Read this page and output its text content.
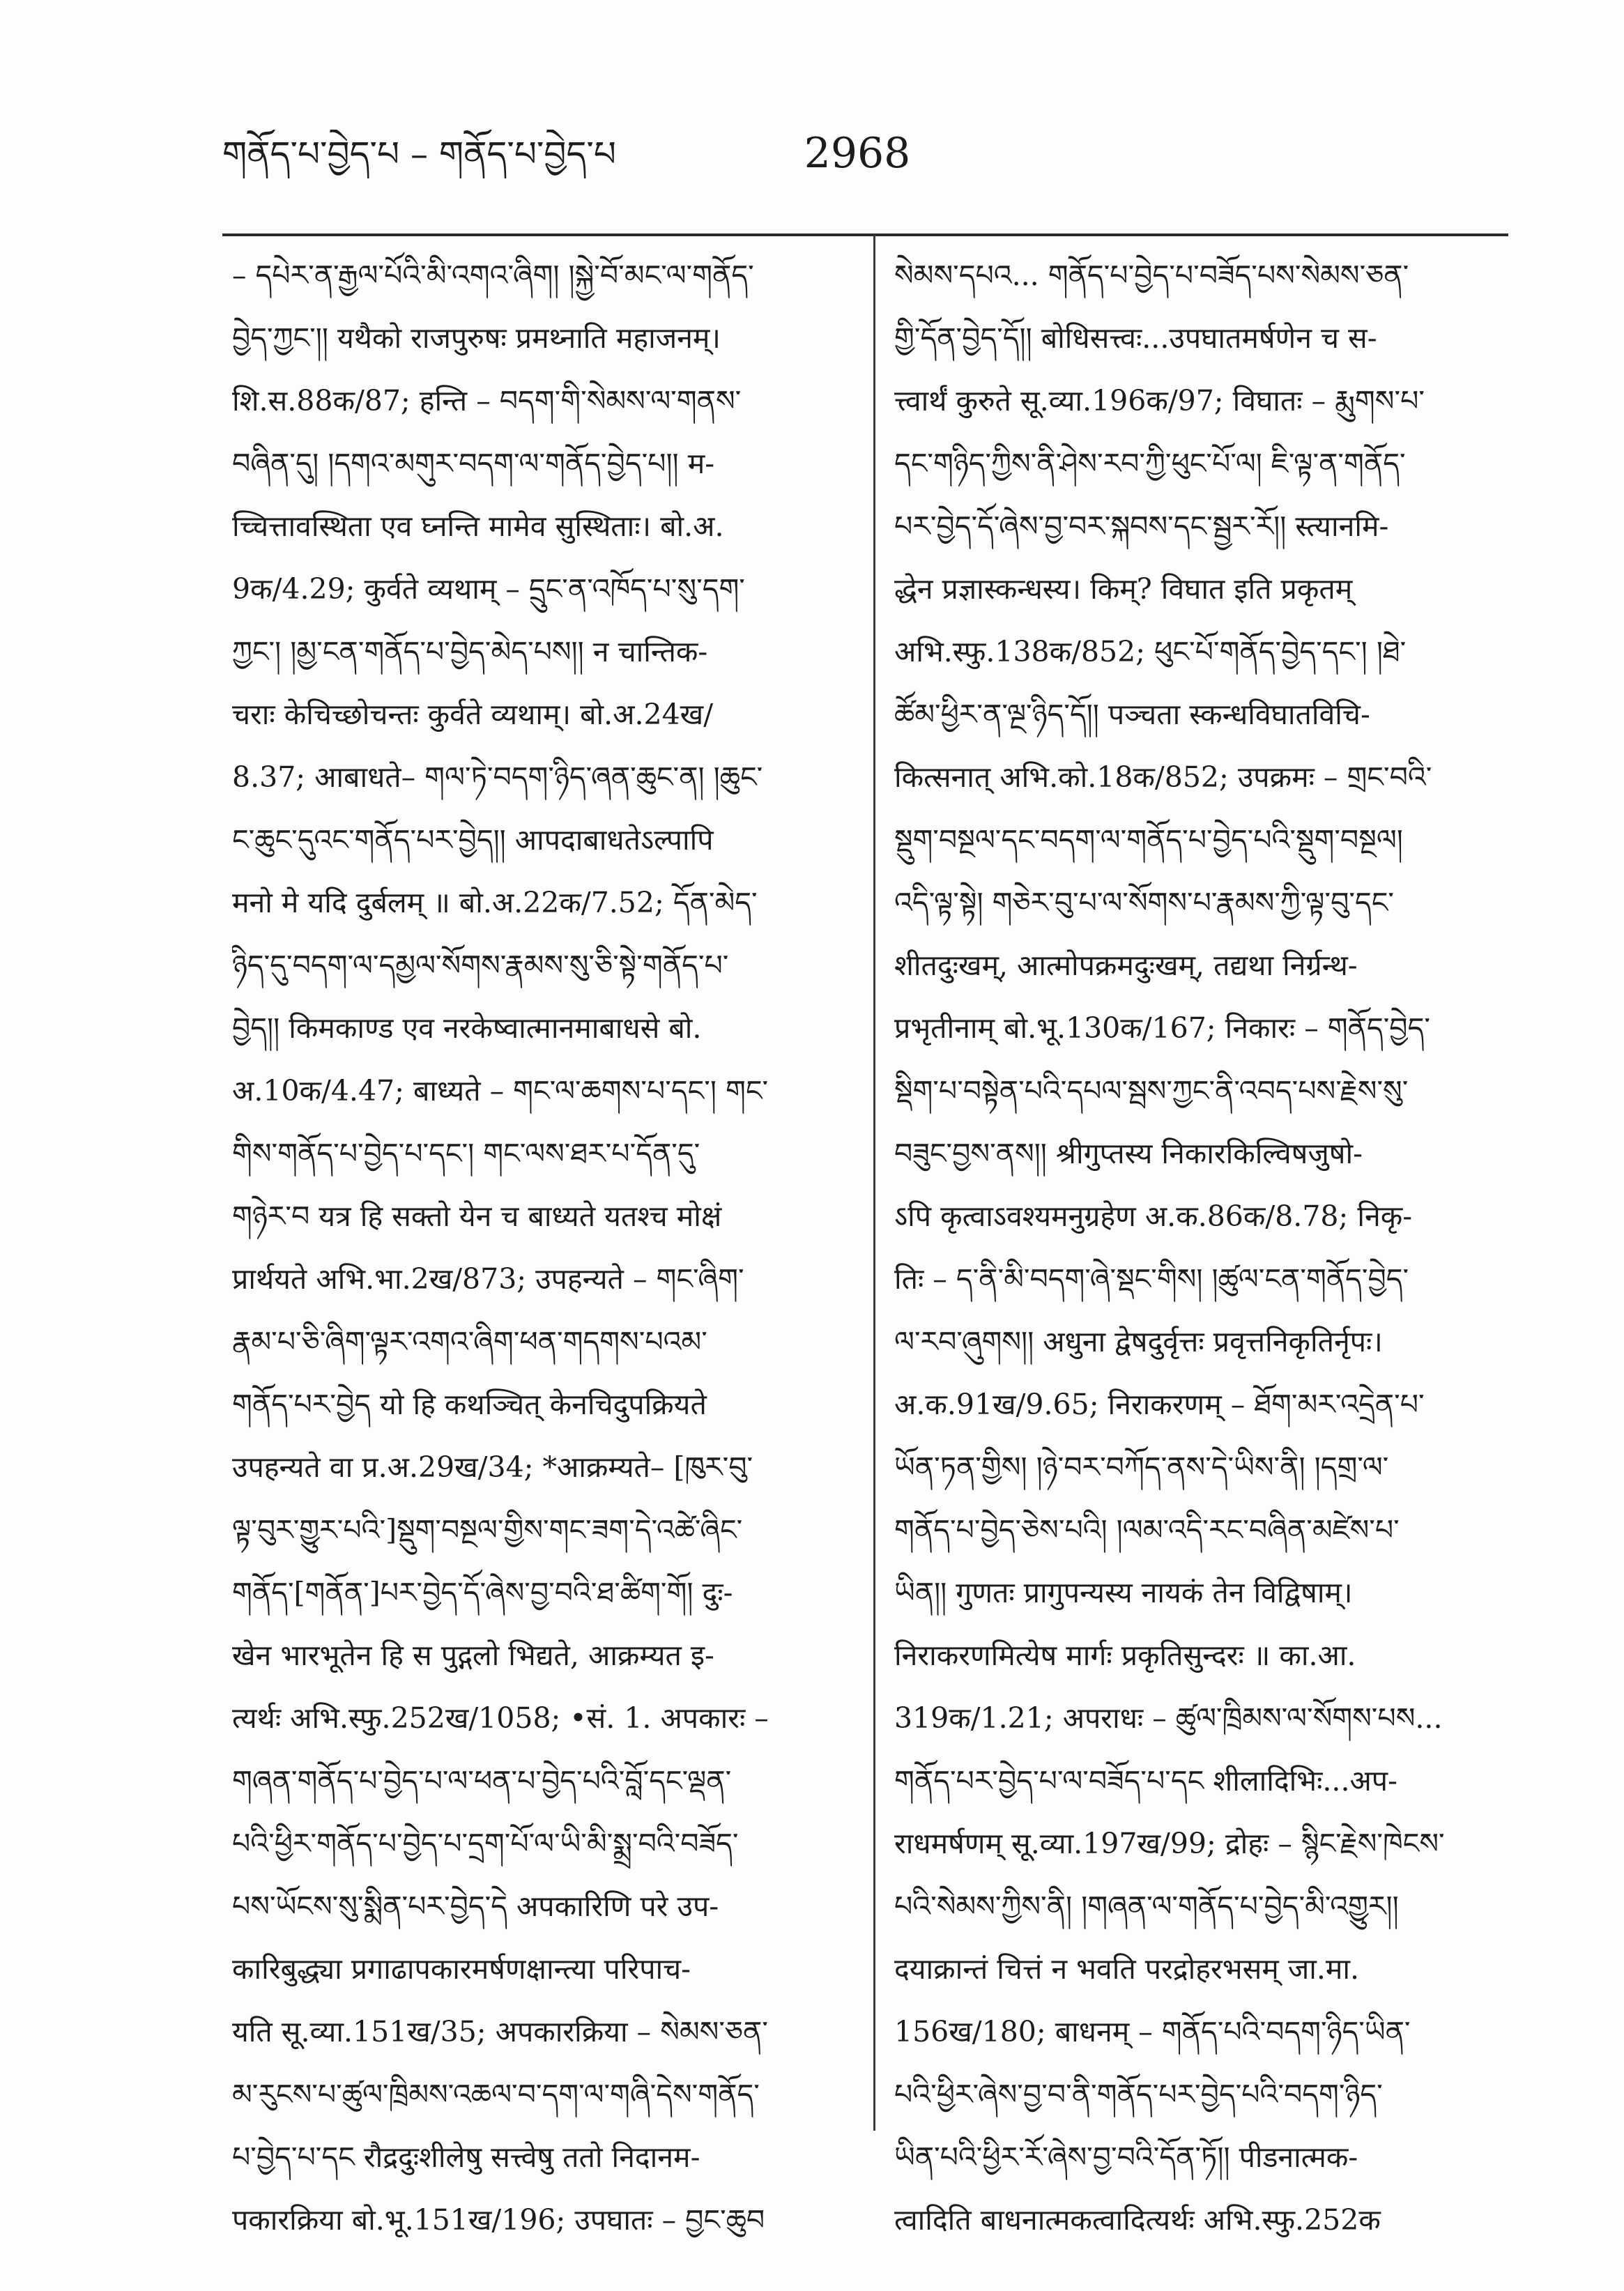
གནོད་པ་བྱེད་པ – གནོད་པ་བྱེད་པ	2968
– དཔེར་ན་རྒྱལ་པོའི་མི་འགའ་ཞིག། །སྐྱེ་བོ་མང་ལ་གནོད་
བྱེད་ཀྱང་།། यथैको राजपुरुषः प्रमथ्नाति महाजनम्।
शि.स.88क/87; हन्ति – བདག་གི་སེམས་ལ་གནས་
བཞིན་དུ། །དགའ་མགུར་བདག་ལ་གནོད་བྱེད་པ།། म-
च्चित्तावस्थिता एव घ्नन्ति मामेव सुस्थिताः। बो.अ.
9क/4.29; कुर्वते व्यथाम् – དྲུང་ན་འཁོད་པ་སུ་དག་
ཀྱང་། །མྱ་ངན་གནོད་པ་བྱེད་མེད་པས།། न चान्तिक-
चराः केचिच्छोचन्तः कुर्वते व्यथाम्। बो.अ.24ख/
8.37; आबाधते– གལ་ཏེ་བདག་ཉིད་ཞན་ཆུང་ན། །ཆུང་
ང་ཆུང་དུའང་གནོད་པར་བྱེད།། आपदाबाधतेऽल्पापि
मनो मे यदि दुर्बलम् ॥ बो.अ.22क/7.52; དོན་མེད་
ཉིད་དུ་བདག་ལ་དམྱལ་སོགས་རྣམས་སུ་ཅི་སྟེ་གནོད་པ་
བྱེད།། किमकाण्ड एव नरकेष्वात्मानमाबाधसे बो.
अ.10क/4.47; बाध्यते – གང་ལ་ཆགས་པ་དང་། གང་
གིས་གནོད་པ་བྱེད་པ་དང་། གང་ལས་ཐར་པ་དོན་དུ་
གཉེར་བ यत्र हि सक्तो येन च बाध्यते यतश्च मोक्षं
प्रार्थयते अभि.भा.2ख/873; उपहन्यते – གང་ཞིག་
རྣམ་པ་ཅི་ཞིག་ལྟར་འགའ་ཞིག་ཕན་གདགས་པའམ་
གནོད་པར་བྱེད यो हि कथञ्चित् केनचिदुपक्रियते
उपहन्यते वा प्र.अ.29ख/34; *आक्रम्यते– [ཁུར་བུ་
ལྟ་བུར་གྱུར་པའི་]སྡུག་བསྔལ་གྱིས་གང་ཟག་དེ་འཚེ་ཞིང་
གནོད་[གནོན་]པར་བྱེད་དོ་ཞེས་བྱ་བའི་ཐ་ཚིག་གོ། दुः-
खेन भारभूतेन हि स पुद्गलो भिद्यते, आक्रम्यत इ-
त्यर्थः अभि.स्फु.252ख/1058; •सं. 1. अपकारः –
གཞན་གནོད་པ་བྱེད་པ་ལ་ཕན་པ་བྱེད་པའི་བློ་དང་ལྡན་
པའི་ཕྱིར་གནོད་པ་བྱེད་པ་དྲག་པོ་ལ་ཡི་མི་སྨྲ་བའི་བཟོད་
པས་ཡོངས་སུ་སྨིན་པར་བྱེད་དེ अपकारिणि परे उप-
कारिबुद्ध्या प्रगाढापकारमर्षणक्षान्त्या परिपाच-
यति सू.व्या.151ख/35; अपकारक्रिया – སེམས་ཅན་
མ་རུངས་པ་ཚུལ་ཁྲིམས་འཆལ་བ་དག་ལ་གཞི་དེས་གནོད་
པ་བྱེད་པ་དང रौद्रदुःशीलेषु सत्त्वेषु ततो निदानम-
पकारक्रिया बो.भू.151ख/196; उपघातः – བྱང་ཆུབ
སེམས་དཔའ... གནོད་པ་བྱེད་པ་བཟོད་པས་སེམས་ཅན་
གྱི་དོན་བྱེད་དོ།། बोधिसत्त्वः...उपघातमर्षणेन च स-
त्त्वार्थं कुरुते सू.व्या.196क/97; विघातः – རྨུགས་པ་
དང་གཉིད་ཀྱིས་ནི་ཤེས་རབ་ཀྱི་ཕུང་པོ་ལ། ཇི་ལྟ་ན་གནོད་
པར་བྱེད་དོ་ཞེས་བྱ་བར་སྐབས་དང་སྦྱར་རོ།། स्त्यानमि-
द्धेन प्रज्ञास्कन्धस्य। किम्? विघात इति प्रकृतम्
अभि.स्फु.138क/852; ཕུང་པོ་གནོད་བྱེད་དང་། །ཐེ་
ཚོམ་ཕྱིར་ན་ལྔ་ཉིད་དོ།། पञ्चता स्कन्धविघातविचि-
कित्सनात् अभि.को.18क/852; उपक्रमः – གྲང་བའི་
སྡུག་བསྔལ་དང་བདག་ལ་གནོད་པ་བྱེད་པའི་སྡུག་བསྔལ།
འདི་ལྟ་སྟེ། གཅེར་བུ་པ་ལ་སོགས་པ་རྣམས་ཀྱི་ལྟ་བུ་དང་
शीतदुःखम्, आत्मोपक्रमदुःखम्, तद्यथा निर्ग्रन्थ-
प्रभृतीनाम् बो.भू.130क/167; निकारः – གནོད་བྱེད་
སྡིག་པ་བསྟེན་པའི་དཔལ་སྦས་ཀྱང་ནི་འབད་པས་རྗེས་སུ་
བཟུང་བྱས་ནས།། श्रीगुप्तस्य निकारकिल्विषजुषो-
ऽपि कृत्वाऽवश्यमनुग्रहेण अ.क.86क/8.78; निकृ-
तिः – ད་ནི་མི་བདག་ཞེ་སྡང་གིས། །ཚུལ་ངན་གནོད་བྱེད་
ལ་རབ་ཞུགས།། अधुना द्वेषदुर्वृत्तः प्रवृत्तनिकृतिर्नृपः।
अ.क.91ख/9.65; निराकरणम् – ཐོག་མར་འདྲེན་པ་
ཡོན་ཏན་གྱིས། །ཉེ་བར་བཀོད་ནས་དེ་ཡིས་ནི། །དགྲ་ལ་
གནོད་པ་བྱེད་ཅེས་པའི། །ལམ་འདི་རང་བཞིན་མཛེས་པ་
ཡིན།། गुणतः प्रागुपन्यस्य नायकं तेन विद्विषाम्।
निराकरणमित्येष मार्गः प्रकृतिसुन्दरः ॥ का.आ.
319क/1.21; अपराधः – ཚུལ་ཁྲིམས་ལ་སོགས་པས...
གནོད་པར་བྱེད་པ་ལ་བཟོད་པ་དང शीलादिभिः...अप-
राधमर्षणम् सू.व्या.197ख/99; द्रोहः – སྙིང་རྗེས་ཁེངས་
པའི་སེམས་ཀྱིས་ནི། །གཞན་ལ་གནོད་པ་བྱེད་མི་འགྱུར།།
दयाक्रान्तं चित्तं न भवति परद्रोहरभसम् जा.मा.
156ख/180; बाधनम् – གནོད་པའི་བདག་ཉིད་ཡིན་
པའི་ཕྱིར་ཞེས་བྱ་བ་ནི་གནོད་པར་བྱེད་པའི་བདག་ཉིད་
ཡིན་པའི་ཕྱིར་རོ་ཞེས་བྱ་བའི་དོན་ཏོ།། पीडनात्मक-
त्वादिति बाधनात्मकत्वादित्यर्थः अभि.स्फु.252क
